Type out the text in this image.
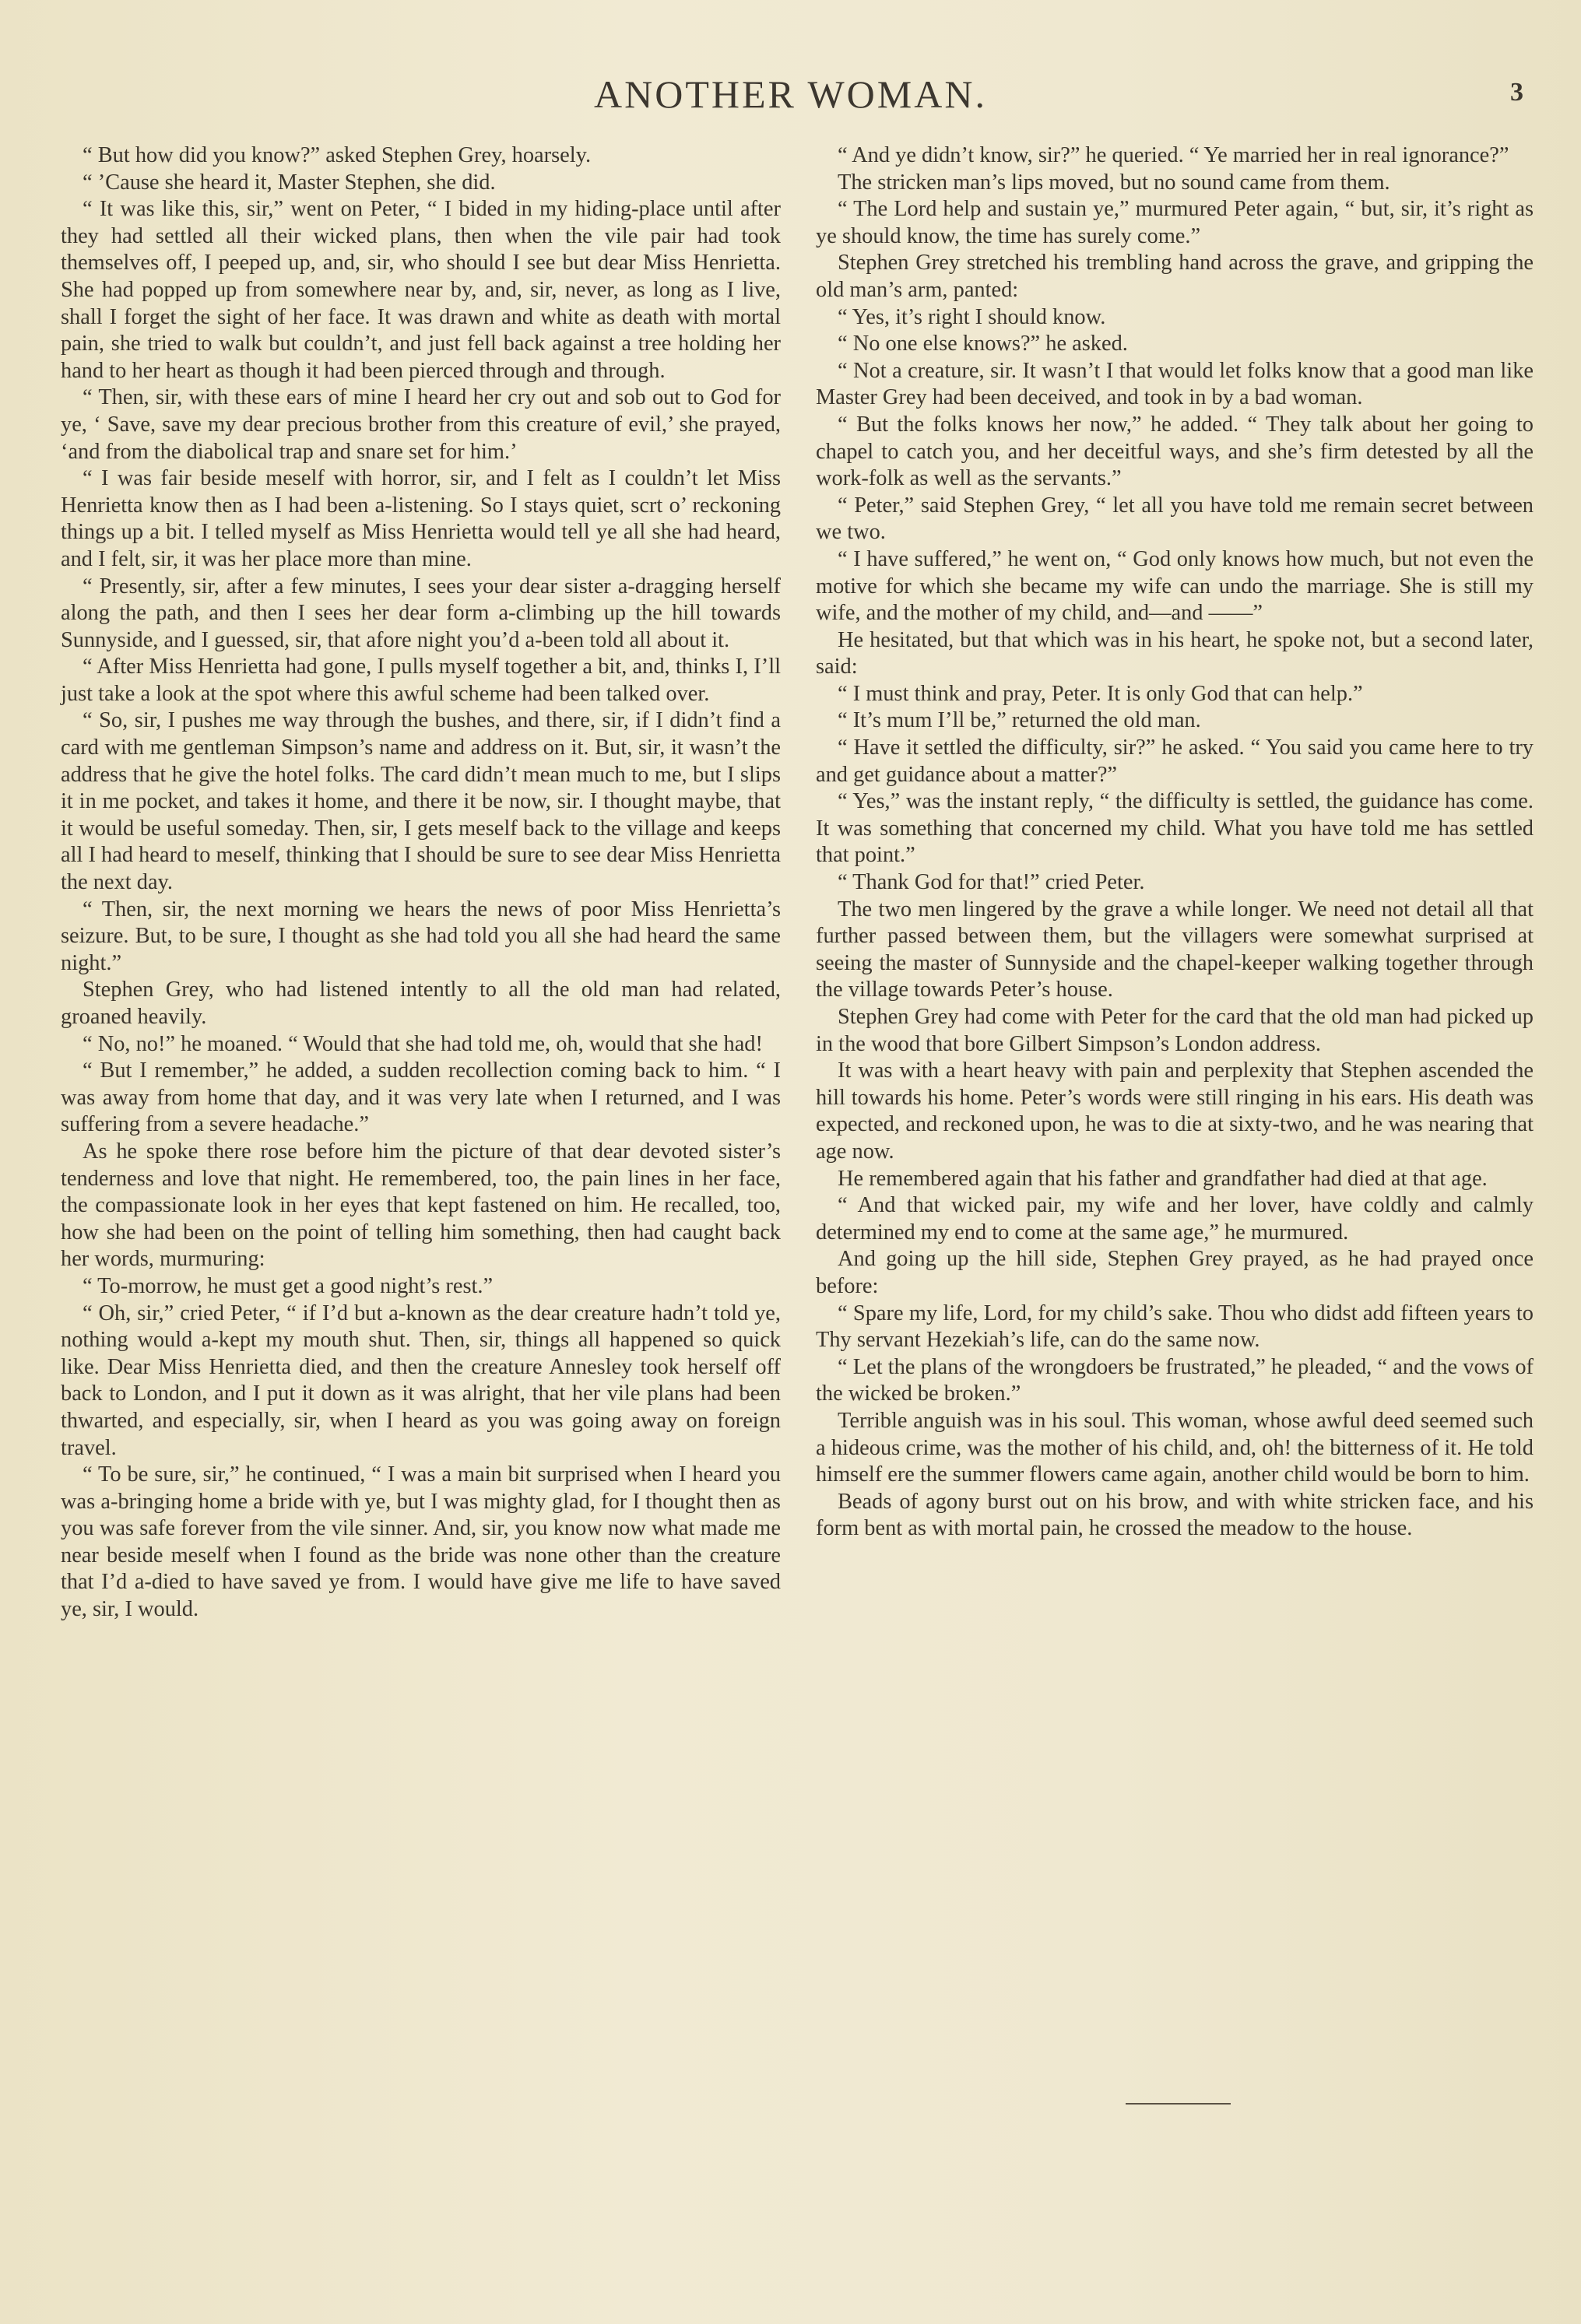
ANOTHER WOMAN.	3

“ But how did you know?” asked Stephen Grey, hoarsely.

“ ’Cause she heard it, Master Stephen, she did.

“ It was like this, sir,” went on Peter, “ I bided in my hiding-place until after they had settled all their wicked plans, then when the vile pair had took themselves off, I peeped up, and, sir, who should I see but dear Miss Henrietta. She had popped up from somewhere near by, and, sir, never, as long as I live, shall I forget the sight of her face. It was drawn and white as death with mortal pain, she tried to walk but couldn’t, and just fell back against a tree holding her hand to her heart as though it had been pierced through and through.

“ Then, sir, with these ears of mine I heard her cry out and sob out to God for ye, ‘ Save, save my dear precious brother from this creature of evil,’ she prayed, ‘and from the diabolical trap and snare set for him.’

“ I was fair beside meself with horror, sir, and I felt as I couldn’t let Miss Henrietta know then as I had been a-listening. So I stays quiet, scrt o’ reckoning things up a bit. I telled myself as Miss Henrietta would tell ye all she had heard, and I felt, sir, it was her place more than mine.

“ Presently, sir, after a few minutes, I sees your dear sister a-dragging herself along the path, and then I sees her dear form a-climbing up the hill towards Sunnyside, and I guessed, sir, that afore night you’d a-been told all about it.

“ After Miss Henrietta had gone, I pulls myself together a bit, and, thinks I, I’ll just take a look at the spot where this awful scheme had been talked over.

“ So, sir, I pushes me way through the bushes, and there, sir, if I didn’t find a card with me gentleman Simpson’s name and address on it. But, sir, it wasn’t the address that he give the hotel folks. The card didn’t mean much to me, but I slips it in me pocket, and takes it home, and there it be now, sir. I thought maybe, that it would be useful someday. Then, sir, I gets meself back to the village and keeps all I had heard to meself, thinking that I should be sure to see dear Miss Henrietta the next day.

“ Then, sir, the next morning we hears the news of poor Miss Henrietta’s seizure. But, to be sure, I thought as she had told you all she had heard the same night.”

Stephen Grey, who had listened intently to all the old man had related, groaned heavily.

“ No, no!” he moaned. “ Would that she had told me, oh, would that she had!

“ But I remember,” he added, a sudden recollection coming back to him. “ I was away from home that day, and it was very late when I returned, and I was suffering from a severe headache.”

As he spoke there rose before him the picture of that dear devoted sister’s tenderness and love that night. He remembered, too, the pain lines in her face, the compassionate look in her eyes that kept fastened on him. He recalled, too, how she had been on the point of telling him something, then had caught back her words, murmuring:

“ To-morrow, he must get a good night’s rest.”

“ Oh, sir,” cried Peter, “ if I’d but a-known as the dear creature hadn’t told ye, nothing would a-kept my mouth shut. Then, sir, things all happened so quick like. Dear Miss Henrietta died, and then the creature Annesley took herself off back to London, and I put it down as it was alright, that her vile plans had been thwarted, and especially, sir, when I heard as you was going away on foreign travel.

“ To be sure, sir,” he continued, “ I was a main bit surprised when I heard you was a-bringing home a bride with ye, but I was mighty glad, for I thought then as you was safe forever from the vile sinner. And, sir, you know now what made me near beside meself when I found as the bride was none other than the creature that I’d a-died to have saved ye from. I would have give me life to have saved ye, sir, I would.

“ And ye didn’t know, sir?” he queried. “ Ye married her in real ignorance?”

The stricken man’s lips moved, but no sound came from them.

“ The Lord help and sustain ye,” murmured Peter again, “ but, sir, it’s right as ye should know, the time has surely come.”

Stephen Grey stretched his trembling hand across the grave, and gripping the old man’s arm, panted:

“ Yes, it’s right I should know.

“ No one else knows?” he asked.

“ Not a creature, sir. It wasn’t I that would let folks know that a good man like Master Grey had been deceived, and took in by a bad woman.

“ But the folks knows her now,” he added. “ They talk about her going to chapel to catch you, and her deceitful ways, and she’s firm detested by all the work-folk as well as the servants.”

“ Peter,” said Stephen Grey, “ let all you have told me remain secret between we two.

“ I have suffered,” he went on, “ God only knows how much, but not even the motive for which she became my wife can undo the marriage. She is still my wife, and the mother of my child, and—and ——”

He hesitated, but that which was in his heart, he spoke not, but a second later, said:

“ I must think and pray, Peter. It is only God that can help.”

“ It’s mum I’ll be,” returned the old man.

“ Have it settled the difficulty, sir?” he asked. “ You said you came here to try and get guidance about a matter?”

“ Yes,” was the instant reply, “ the difficulty is settled, the guidance has come. It was something that concerned my child. What you have told me has settled that point.”

“ Thank God for that!” cried Peter.

The two men lingered by the grave a while longer. We need not detail all that further passed between them, but the villagers were somewhat surprised at seeing the master of Sunnyside and the chapel-keeper walking together through the village towards Peter’s house.

Stephen Grey had come with Peter for the card that the old man had picked up in the wood that bore Gilbert Simpson’s London address.

It was with a heart heavy with pain and perplexity that Stephen ascended the hill towards his home. Peter’s words were still ringing in his ears. His death was expected, and reckoned upon, he was to die at sixty-two, and he was nearing that age now.

He remembered again that his father and grandfather had died at that age.

“ And that wicked pair, my wife and her lover, have coldly and calmly determined my end to come at the same age,” he murmured.

And going up the hill side, Stephen Grey prayed, as he had prayed once before:

“ Spare my life, Lord, for my child’s sake. Thou who didst add fifteen years to Thy servant Hezekiah’s life, can do the same now.

“ Let the plans of the wrongdoers be frustrated,” he pleaded, “ and the vows of the wicked be broken.”

Terrible anguish was in his soul. This woman, whose awful deed seemed such a hideous crime, was the mother of his child, and, oh! the bitterness of it. He told himself ere the summer flowers came again, another child would be born to him.

Beads of agony burst out on his brow, and with white stricken face, and his form bent as with mortal pain, he crossed the meadow to the house.
